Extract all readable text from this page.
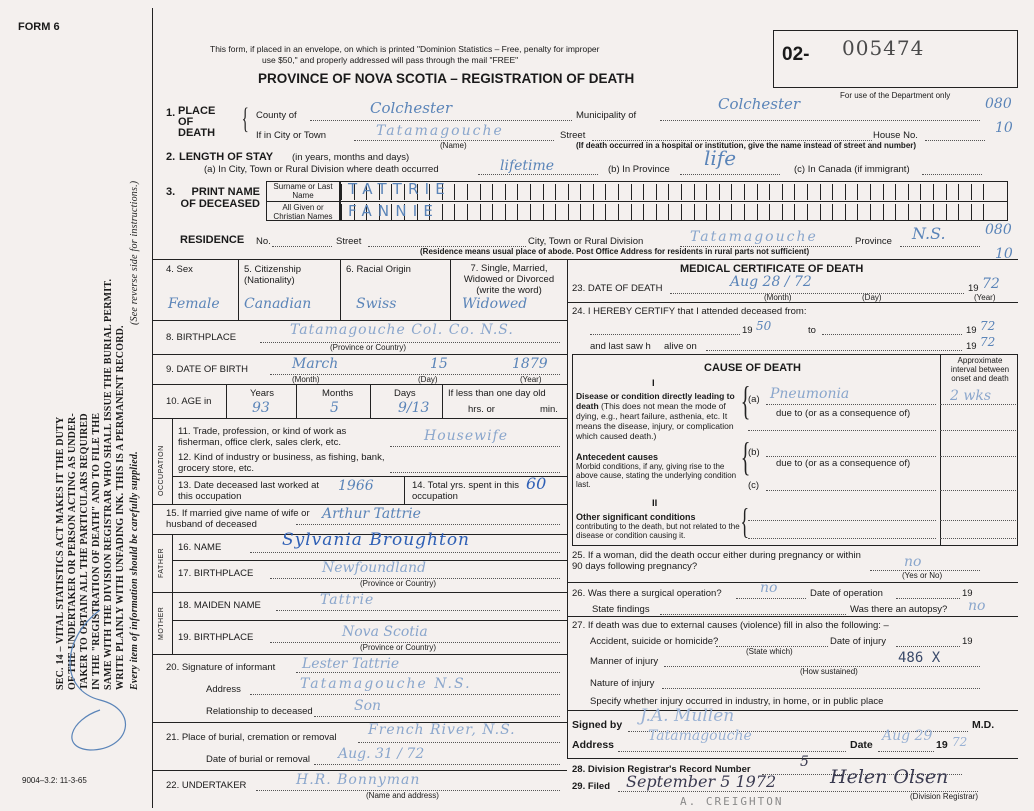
FORM 6
This form, if placed in an envelope, on which is printed "Dominion Statistics – Free, penalty for improper
use $50," and properly addressed will pass through the mail "FREE"
PROVINCE OF NOVA SCOTIA – REGISTRATION OF DEATH
02- 005474
For use of the Department only
080
10
080
10
SEC. 14 – VITAL STATISTICS ACT MAKES IT THE DUTY OF THE UNDERTAKER OR PERSON ACTING AS UNDER- TAKER TO OBTAIN ALL THE PARTICULARS REQUIRED IN THE "REGISTRATION OF DEATH" AND TO FILE THE SAME WITH THE DIVISION REGISTRAR WHO SHALL ISSUE THE BURIAL PERMIT. WRITE PLAINLY WITH UNFADING INK. THIS IS A PERMANENT RECORD. Every item of information should be carefully supplied.
(See reverse side for instructions.)
9004–3.2: 11-3-65
1. PLACE OF DEATH { County of	Colchester	Municipality of
Colchester
If in City or Town	Tatamagouche
(Name)
Street	House No.
(If death occurred in a hospital or institution, give the name instead of street and number)
2. LENGTH OF STAY (in years, months and days)
(a) In City, Town or Rural Division where death occurred	lifetime	(b) In Province life	(c) In Canada (if immigrant)
3.	PRINT NAME OF DECEASED
Surname or Last Name
All Given or Christian Names
TATTRIE
FANNIE
RESIDENCE No.	Street	City, Town or Rural Division	Tatamagouche	Province N.S.
(Residence means usual place of abode. Post Office Address for residents in rural parts not sufficient)
4. Sex
Female
5. Citizenship (Nationality)
Canadian
6. Racial Origin
Swiss
7. Single, Married, Widowed or Divorced (write the word)
Widowed
8. BIRTHPLACE	Tatamagouche Col. Co. N.S.
(Province or Country)
9. DATE OF BIRTH	March	15	1879
(Month)	(Day)	(Year)
10. AGE in
Years
93
Months
5
Days
9/13
If less than one day old
hrs. or	min.
OCCUPATION
11. Trade, profession, or kind of work as fisherman, office clerk, sales clerk, etc.	Housewife
12. Kind of industry or business, as fishing, bank, grocery store, etc.
13. Date deceased last worked at this occupation
1966	14. Total yrs. spent in this occupation
60
15. If married give name of wife or husband of deceased
Arthur Tattrie
FATHER
16. NAME	Sylvania Broughton
17. BIRTHPLACE	Newfoundland
(Province or Country)
MOTHER
18. MAIDEN NAME	Tattrie
19. BIRTHPLACE	Nova Scotia
(Province or Country)
20. Signature of informant Lester Tattrie
Address	Tatamagouche N.S.
Relationship to deceased	Son
21. Place of burial, cremation or removal French River, N.S.
Date of burial or removal Aug. 31 / 72
22. UNDERTAKER	H.R. Bonnyman
(Name and address)
MEDICAL CERTIFICATE OF DEATH
23. DATE OF DEATH	Aug 28 / 72	19 72
(Month)	(Day)	(Year)
24. I HEREBY CERTIFY that I attended deceased from:
19 50	to	19 72
and last saw h alive on	19 72
CAUSE OF DEATH
Approximate interval between onset and death
I
Disease or condition directly leading to death (This does not mean the mode of dying, e.g., heart failure, asthenia, etc. It means the disease, injury, or complication which caused death.)
{
(a) Pneumonia	2 wks
due to (or as a consequence of)
Antecedent causes
Morbid conditions, if any, giving rise to the above cause, stating the underlying condition last.
{
(b)
due to (or as a consequence of)
(c)
II
Other significant conditions
contributing to the death, but not related to the disease or condition causing it.	{
25. If a woman, did the death occur either during pregnancy or within 90 days following pregnancy?	no
(Yes or No)
26. Was there a surgical operation?	no	Date of operation	19
State findings	Was there an autopsy? no
27. If death was due to external causes (violence) fill in also the following: –
Accident, suicide or homicide?	Date of injury	19
(State which)
Manner of injury	486 X
(How sustained)
Nature of injury
Specify whether injury occurred in industry, in home, or in public place
Signed by J.A. Mullen	M.D.
Address
Tatamagouche
Date
Aug 29
19 72
28. Division Registrar's Record Number	5
29. Filed September 5 1972	Helen Olsen
(Division Registrar)
A. CREIGHTON
